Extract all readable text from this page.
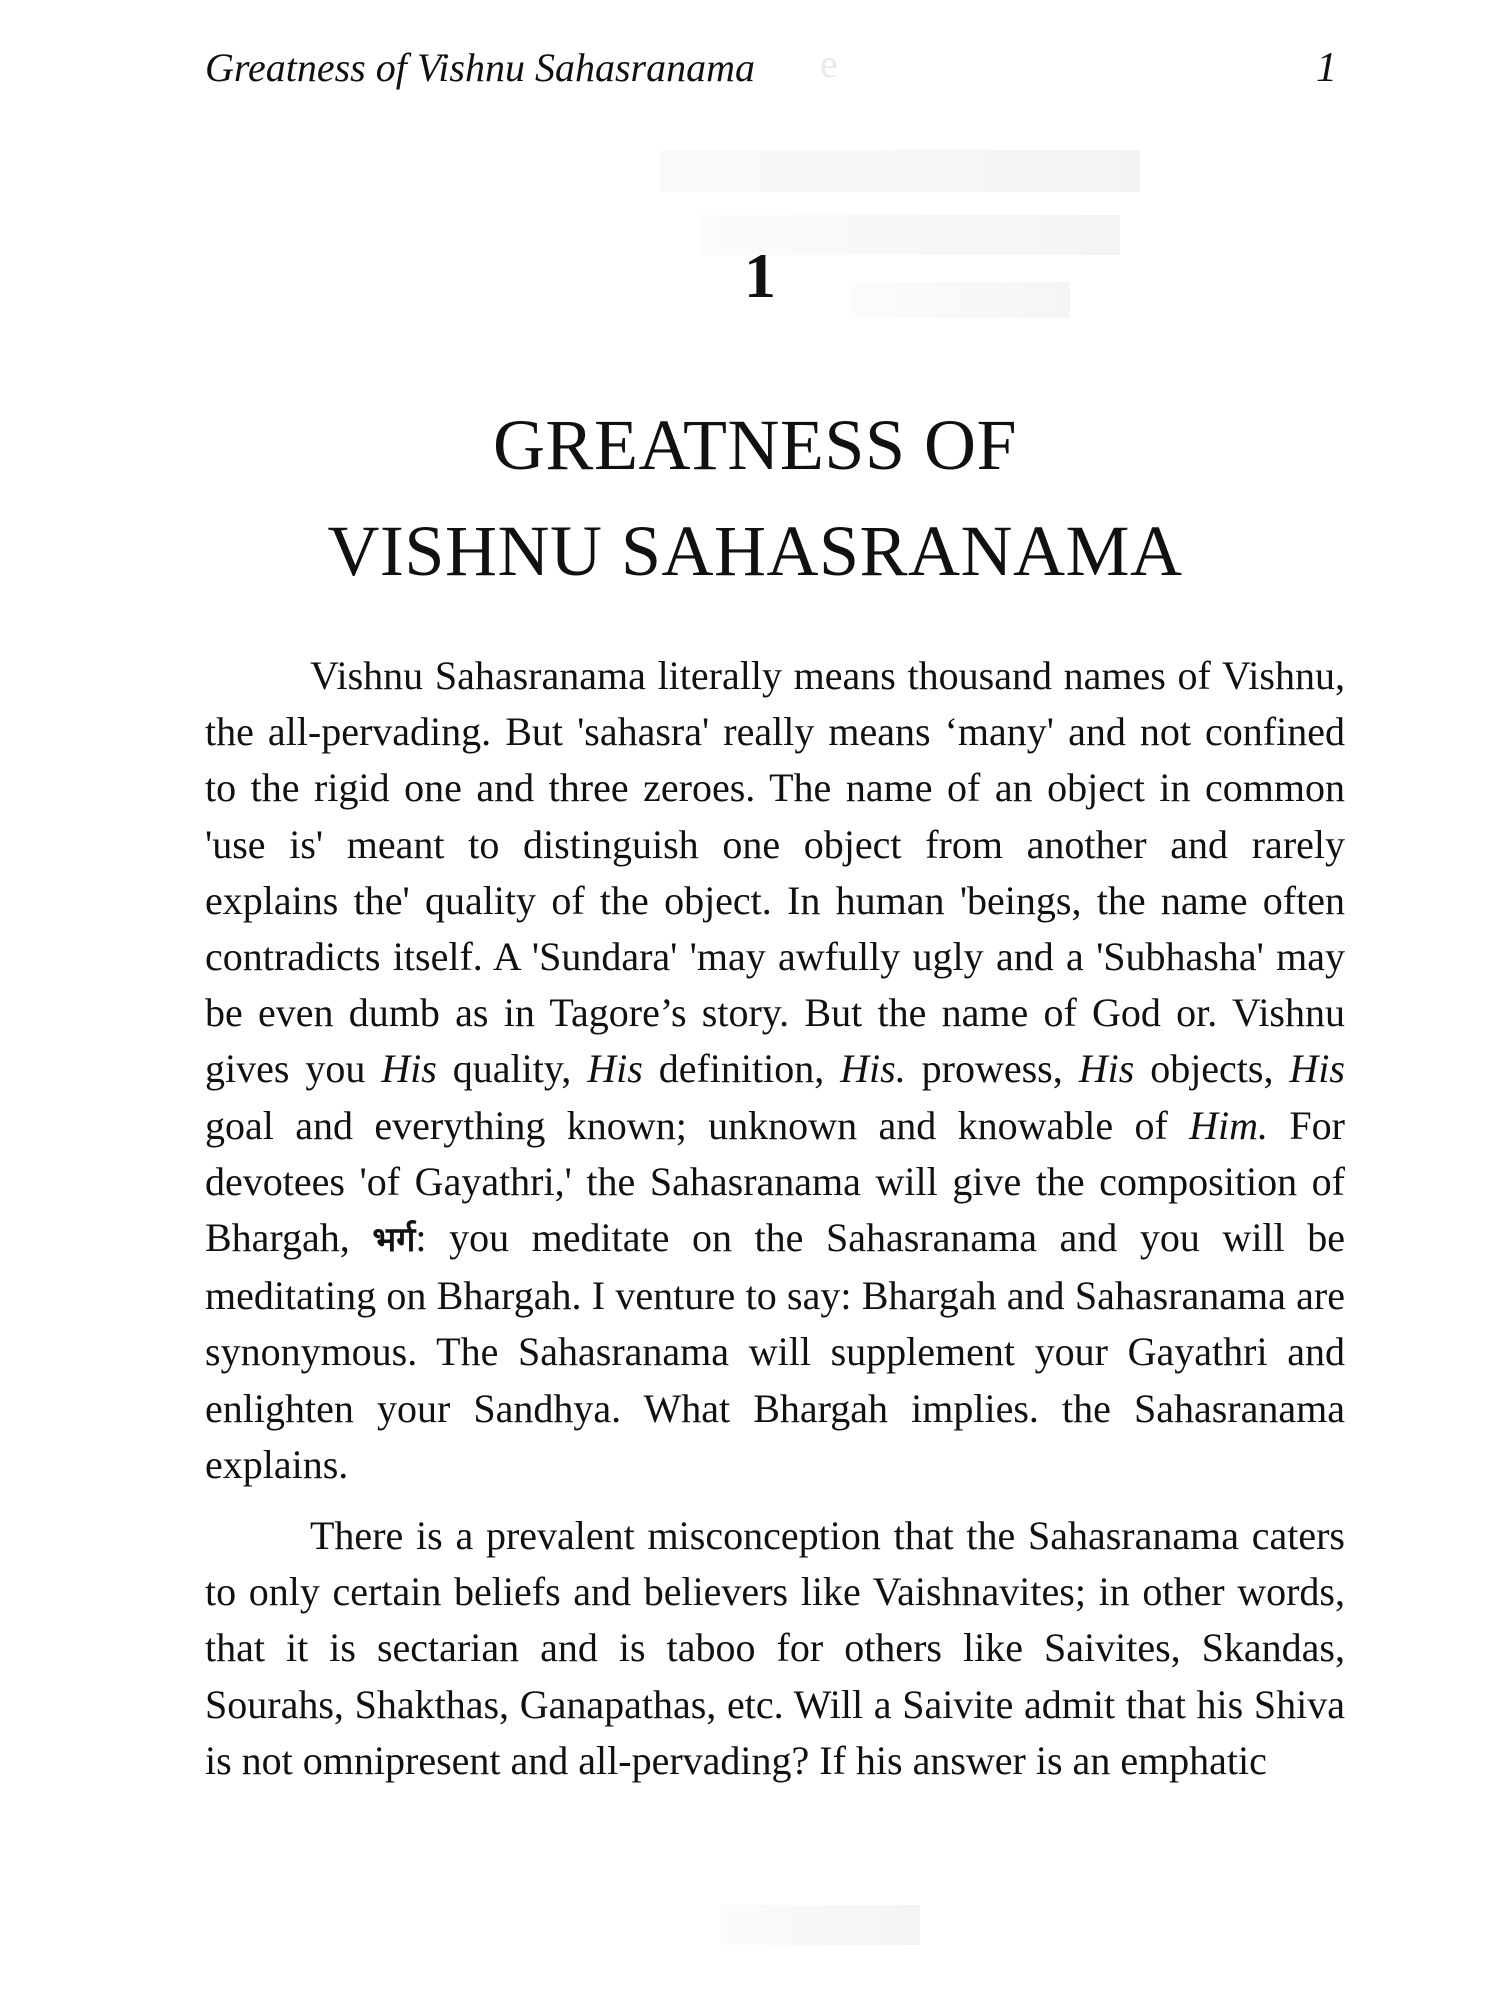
ɘ
Greatness of Vishnu Sahasranama	1
1
GREATNESS OF
VISHNU SAHASRANAMA

Vishnu Sahasranama literally means thousand names of Vishnu, the all-pervading. But 'sahasra' really means ‘many' and not confined to the rigid one and three zeroes. The name of an object in common 'use is' meant to distinguish one object from another and rarely explains the' quality of the object. In human 'beings, the name often contradicts itself. A 'Sundara' 'may awfully ugly and a 'Subhasha' may be even dumb as in Tagore’s story. But the name of God or. Vishnu gives you His quality, His definition, His. prowess, His objects, His goal and everything known; unknown and knowable of Him. For devotees 'of Gayathri,' the Sahasranama will give the composition of Bhargah, भर्ग: you meditate on the Sahasranama and you will be meditating on Bhargah. I venture to say: Bhargah and Sahasranama are synonymous. The Sahasranama will supplement your Gayathri and enlighten your Sandhya. What Bhargah implies. the Sahasranama explains.

There is a prevalent misconception that the Sahasranama caters to only certain beliefs and believers like Vaishnavites; in other words, that it is sectarian and is taboo for others like Saivites, Skandas, Sourahs, Shakthas, Ganapathas, etc. Will a Saivite admit that his Shiva is not omnipresent and all-pervading? If his answer is an emphatic
